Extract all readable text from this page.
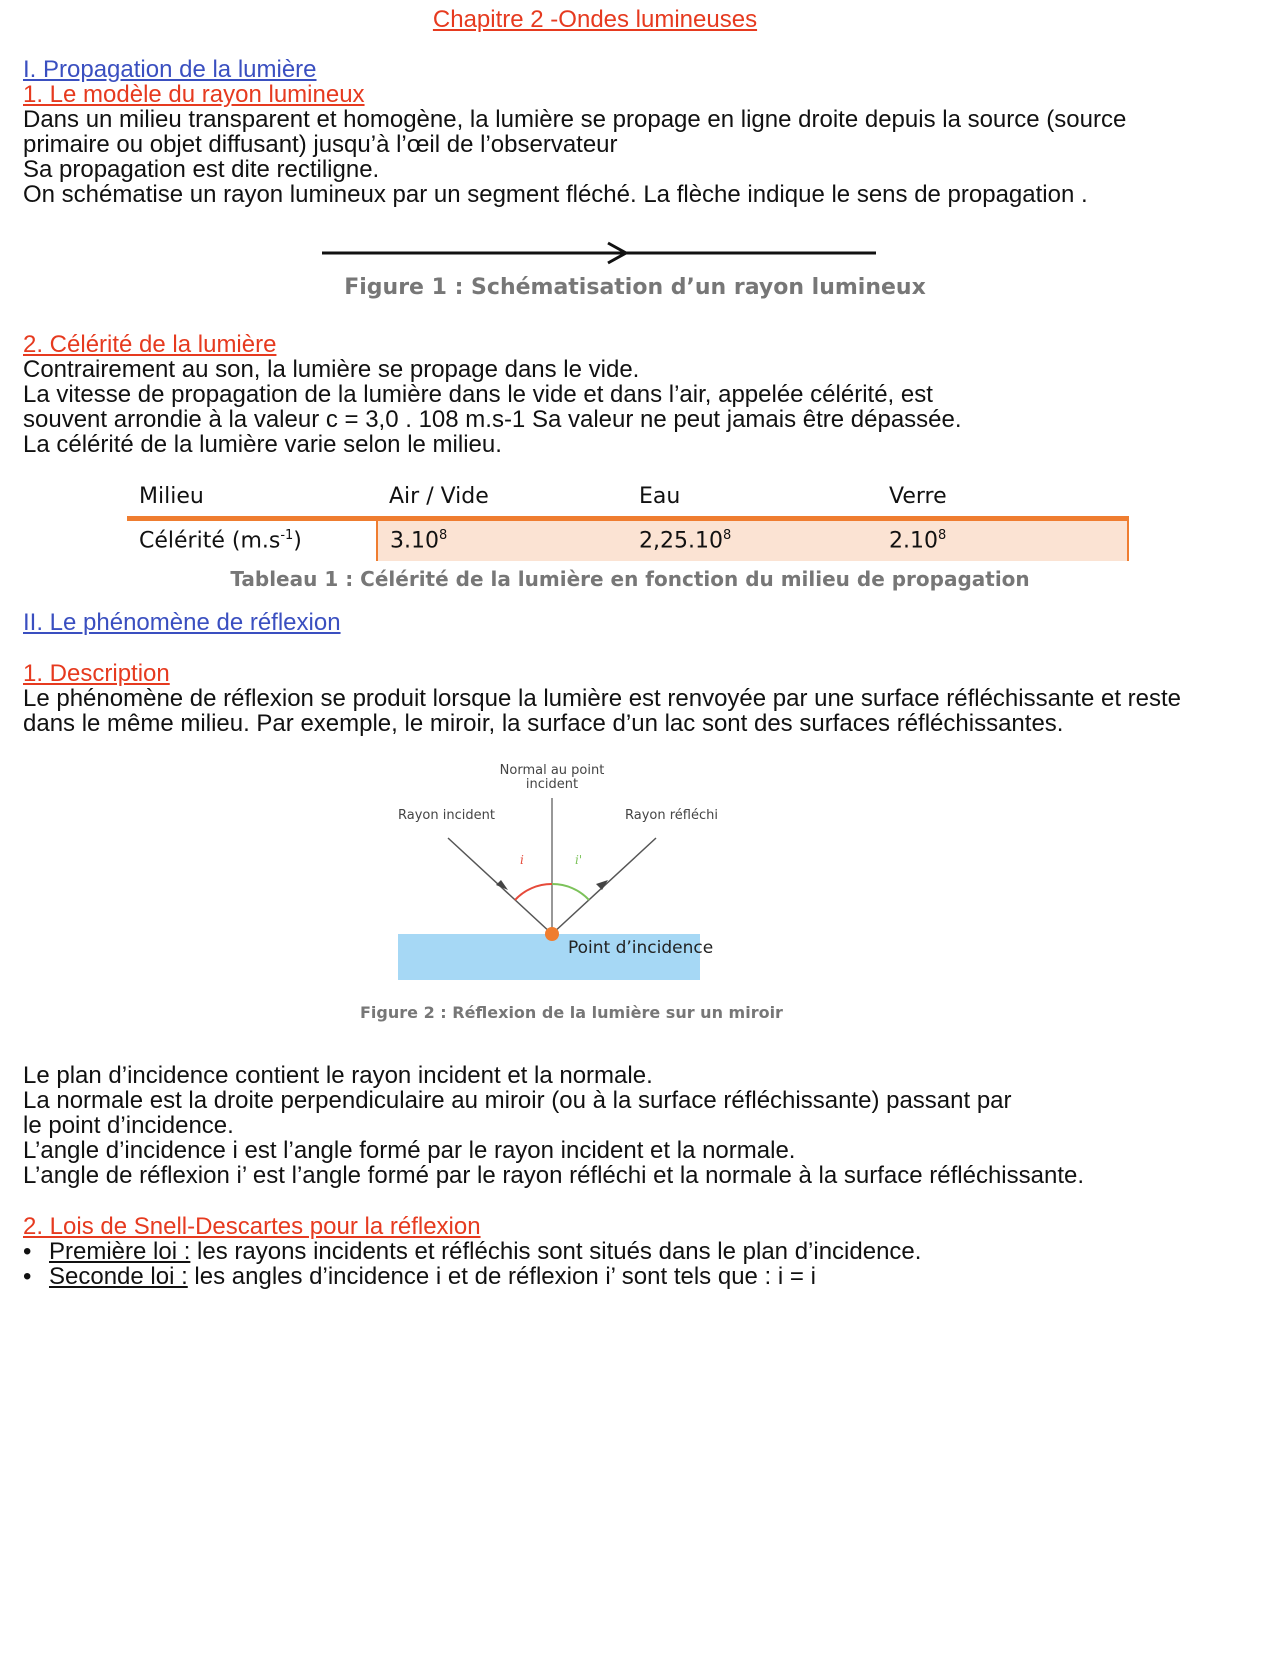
Chapitre 2 -Ondes lumineuses
I. Propagation de la lumière
1. Le modèle du rayon lumineux
Dans un milieu transparent et homogène, la lumière se propage en ligne droite depuis la source (source
primaire ou objet diffusant) jusqu’à l’œil de l’observateur
Sa propagation est dite rectiligne.
On schématise un rayon lumineux par un segment fléché. La flèche indique le sens de propagation .
Figure 1 : Schématisation d’un rayon lumineux
2. Célérité de la lumière
Contrairement au son, la lumière se propage dans le vide.
La vitesse de propagation de la lumière dans le vide et dans l’air, appelée célérité, est
souvent arrondie à la valeur c = 3,0 . 108 m.s-1 Sa valeur ne peut jamais être dépassée.
La célérité de la lumière varie selon le milieu.
Milieu	Air / Vide	Eau	Verre
Célérité $(m.s^{-1})$	3.10$^8$	2,25.10$^8$	2.10$^8$
Tableau 1 : Célérité de la lumière en fonction du milieu de propagation
II. Le phénomène de réflexion
1. Description
Le phénomène de réflexion se produit lorsque la lumière est renvoyée par une surface réfléchissante et reste
dans le même milieu. Par exemple, le miroir, la surface d’un lac sont des surfaces réfléchissantes.
Normal au point
incident
Rayon incident	Rayon réfléchi
i	i'
Point d’incidence
Figure 2 : Réflexion de la lumière sur un miroir
Le plan d’incidence contient le rayon incident et la normale.
La normale est la droite perpendiculaire au miroir (ou à la surface réfléchissante) passant par
le point d’incidence.
L’angle d’incidence i est l’angle formé par le rayon incident et la normale.
L’angle de réflexion i’ est l’angle formé par le rayon réfléchi et la normale à la surface réfléchissante.
2. Lois de Snell-Descartes pour la réflexion
• Première loi : les rayons incidents et réfléchis sont situés dans le plan d’incidence.
• Seconde loi : les angles d’incidence i et de réflexion i’ sont tels que : i = i
